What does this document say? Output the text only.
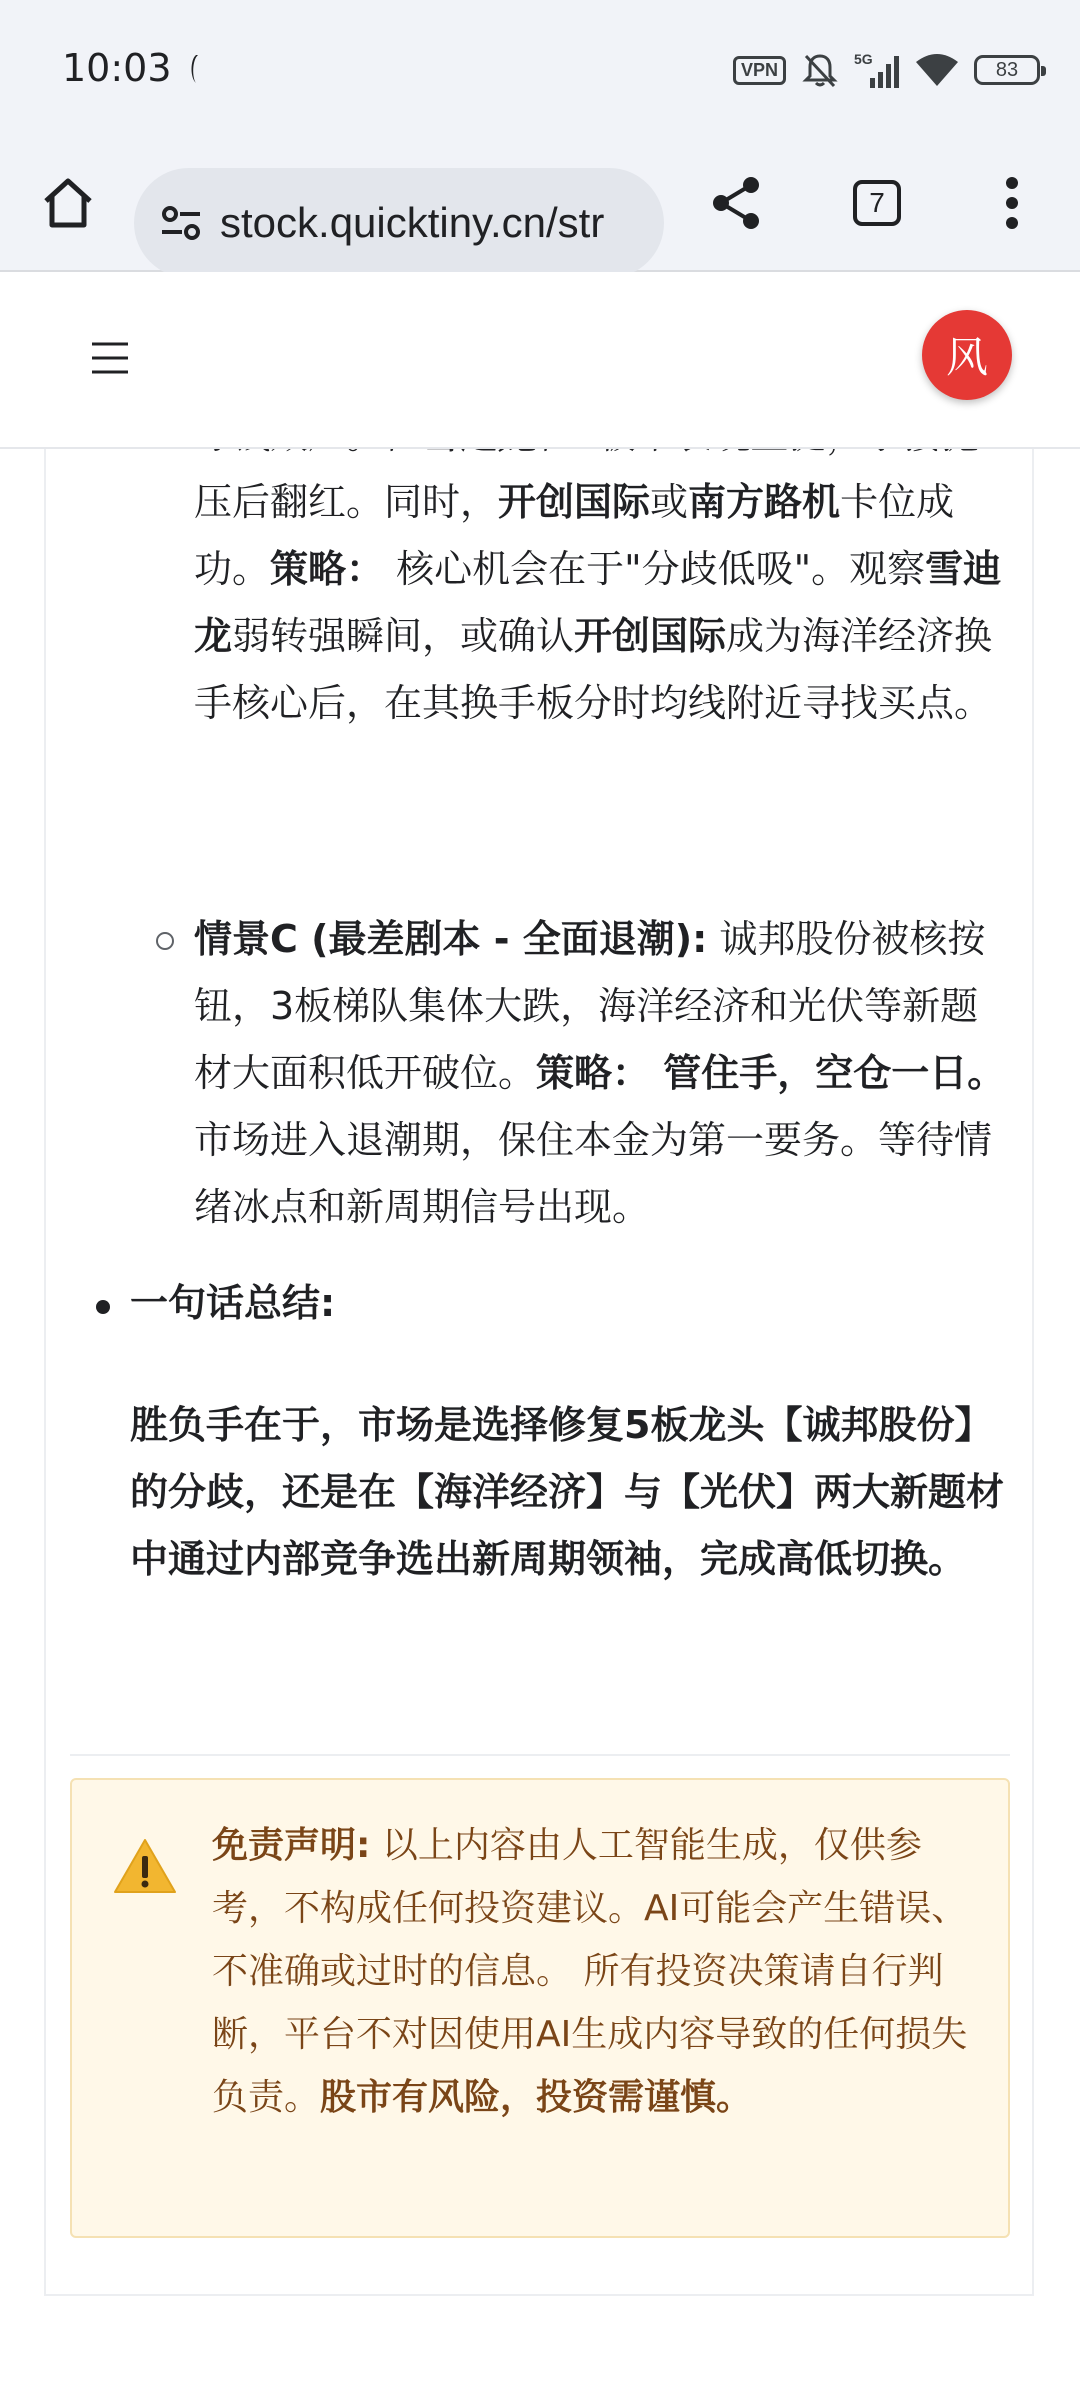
10:03	VPN
5G	83
stock.quicktiny.cn/str	7
风
压后翻红。同时，开创国际或南方路机卡位成功。策略： 核心机会在于"分歧低吸"。观察雪迪龙弱转强瞬间，或确认开创国际成为海洋经济换手核心后，在其换手板分时均线附近寻找买点。
情景C (最差剧本 - 全面退潮): 诚邦股份被核按钮，3板梯队集体大跌，海洋经济和光伏等新题材大面积低开破位。策略： 管住手，空仓一日。 市场进入退潮期，保住本金为第一要务。等待情绪冰点和新周期信号出现。
一句话总结:
胜负手在于，市场是选择修复5板龙头【诚邦股份】的分歧，还是在【海洋经济】与【光伏】两大新题材中通过内部竞争选出新周期领袖，完成高低切换。
免责声明: 以上内容由人工智能生成，仅供参考，不构成任何投资建议。AI可能会产生错误、不准确或过时的信息。 所有投资决策请自行判断，平台不对因使用AI生成内容导致的任何损失负责。股市有风险，投资需谨慎。
